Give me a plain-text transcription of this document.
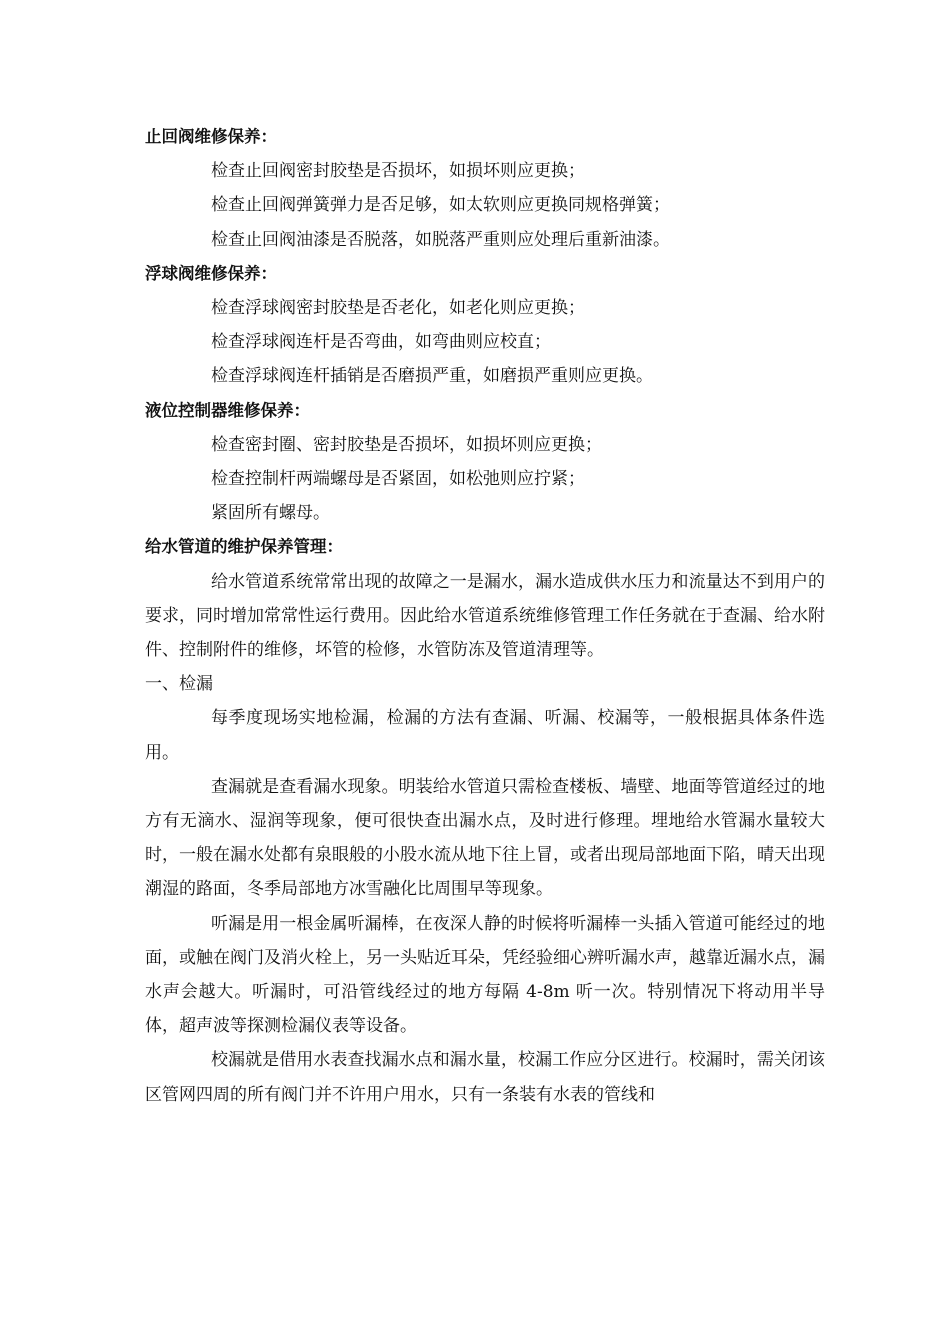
止回阀维修保养：
检查止回阀密封胶垫是否损坏，如损坏则应更换；
检查止回阀弹簧弹力是否足够，如太软则应更换同规格弹簧；
检查止回阀油漆是否脱落，如脱落严重则应处理后重新油漆。
浮球阀维修保养：
检查浮球阀密封胶垫是否老化，如老化则应更换；
检查浮球阀连杆是否弯曲，如弯曲则应校直；
检查浮球阀连杆插销是否磨损严重，如磨损严重则应更换。
液位控制器维修保养：
检查密封圈、密封胶垫是否损坏，如损坏则应更换；
检查控制杆两端螺母是否紧固，如松弛则应拧紧；
紧固所有螺母。
给水管道的维护保养管理：
给水管道系统常常出现的故障之一是漏水，漏水造成供水压力和流量达不到用户的要求，同时增加常常性运行费用。因此给水管道系统维修管理工作任务就在于查漏、给水附件、控制附件的维修，坏管的检修，水管防冻及管道清理等。
一、检漏
每季度现场实地检漏，检漏的方法有查漏、听漏、校漏等，一般根据具体条件选用。
查漏就是查看漏水现象。明装给水管道只需检查楼板、墙壁、地面等管道经过的地方有无滴水、湿润等现象，便可很快查出漏水点，及时进行修理。埋地给水管漏水量较大时，一般在漏水处都有泉眼般的小股水流从地下往上冒，或者出现局部地面下陷，晴天出现潮湿的路面，冬季局部地方冰雪融化比周围早等现象。
听漏是用一根金属听漏棒，在夜深人静的时候将听漏棒一头插入管道可能经过的地面，或触在阀门及消火栓上，另一头贴近耳朵，凭经验细心辨听漏水声，越靠近漏水点，漏水声会越大。听漏时，可沿管线经过的地方每隔 4-8m 听一次。特别情况下将动用半导体，超声波等探测检漏仪表等设备。
校漏就是借用水表查找漏水点和漏水量，校漏工作应分区进行。校漏时，需关闭该区管网四周的所有阀门并不许用户用水，只有一条装有水表的管线和
